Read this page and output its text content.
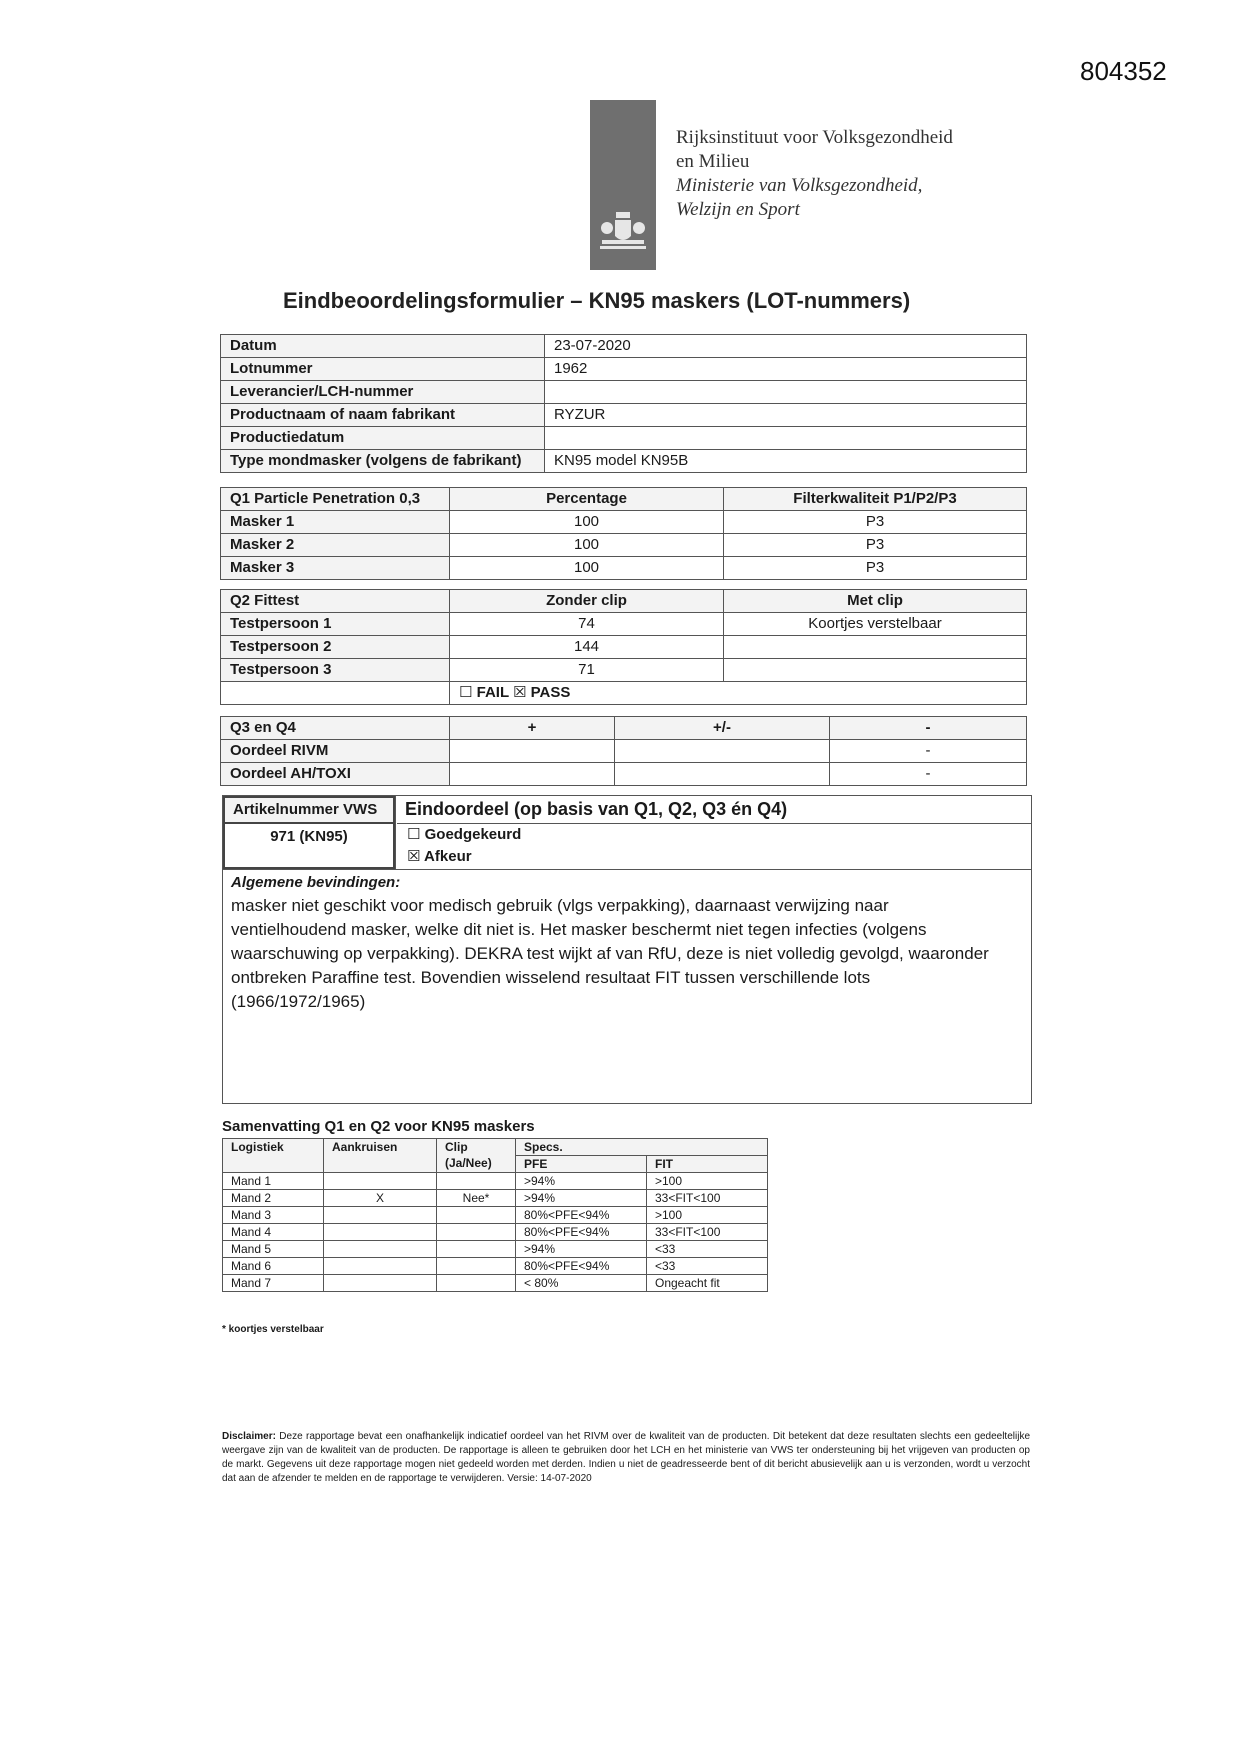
804352
Rijksinstituut voor Volksgezondheid
en Milieu
Ministerie van Volksgezondheid,
Welzijn en Sport
Eindbeoordelingsformulier – KN95 maskers (LOT-nummers)
Datum	23-07-2020
Lotnummer	1962
Leverancier/LCH-nummer	
Productnaam of naam fabrikant	RYZUR
Productiedatum	
Type mondmasker (volgens de fabrikant)	KN95 model KN95B
Q1 Particle Penetration 0,3	Percentage	Filterkwaliteit P1/P2/P3
Masker 1	100	P3
Masker 2	100	P3
Masker 3	100	P3
Q2 Fittest	Zonder clip	Met clip
Testpersoon 1	74	Koortjes verstelbaar
Testpersoon 2	144	
Testpersoon 3	71	
	☐ FAIL ☒ PASS	
Q3 en Q4	+	+/-	-
Oordeel RIVM			-
Oordeel AH/TOXI			-
Artikelnummer VWS
971 (KN95)
Eindoordeel (op basis van Q1, Q2, Q3 én Q4)
☐ Goedgekeurd
☒ Afkeur
Algemene bevindingen:
masker niet geschikt voor medisch gebruik (vlgs verpakking), daarnaast verwijzing naar ventielhoudend masker, welke dit niet is. Het masker beschermt niet tegen infecties (volgens waarschuwing op verpakking). DEKRA test wijkt af van RfU, deze is niet volledig gevolgd, waaronder ontbreken Paraffine test. Bovendien wisselend resultaat FIT tussen verschillende lots (1966/1972/1965)
Samenvatting Q1 en Q2 voor KN95 maskers
Logistiek	Aankruisen	Clip (Ja/Nee)	Specs.	
			PFE	FIT
Mand 1			>94%	>100
Mand 2	X	Nee*	>94%	33<FIT<100
Mand 3			80%<PFE<94%	>100
Mand 4			80%<PFE<94%	33<FIT<100
Mand 5			>94%	<33
Mand 6			80%<PFE<94%	<33
Mand 7			< 80%	Ongeacht fit
* koortjes verstelbaar
Disclaimer: Deze rapportage bevat een onafhankelijk indicatief oordeel van het RIVM over de kwaliteit van de producten. Dit betekent dat deze resultaten slechts een gedeeltelijke weergave zijn van de kwaliteit van de producten. De rapportage is alleen te gebruiken door het LCH en het ministerie van VWS ter ondersteuning bij het vrijgeven van producten op de markt. Gegevens uit deze rapportage mogen niet gedeeld worden met derden. Indien u niet de geadresseerde bent of dit bericht abusievelijk aan u is verzonden, wordt u verzocht dat aan de afzender te melden en de rapportage te verwijderen. Versie: 14-07-2020
